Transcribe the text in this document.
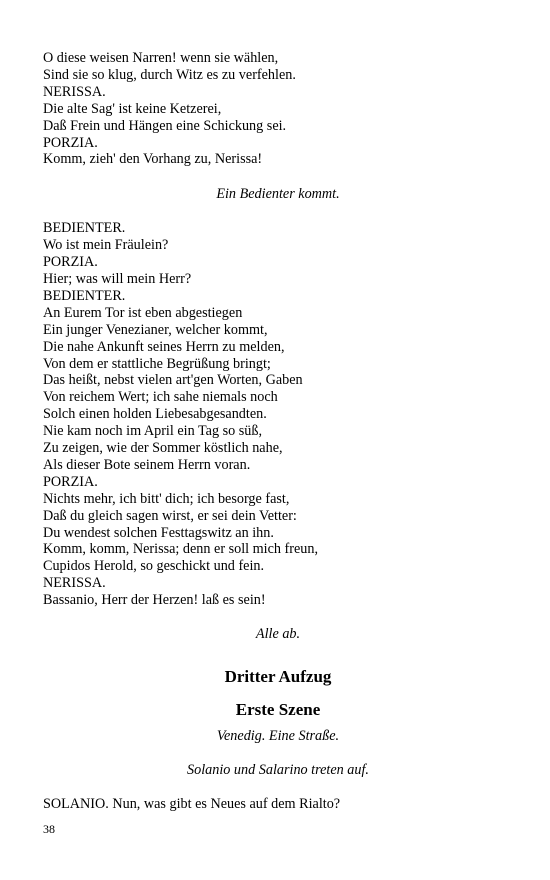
O diese weisen Narren! wenn sie wählen,
Sind sie so klug, durch Witz es zu verfehlen.
NERISSA.
Die alte Sag' ist keine Ketzerei,
Daß Frein und Hängen eine Schickung sei.
PORZIA.
Komm, zieh' den Vorhang zu, Nerissa!
Ein Bedienter kommt.
BEDIENTER.
Wo ist mein Fräulein?
PORZIA.
Hier; was will mein Herr?
BEDIENTER.
An Eurem Tor ist eben abgestiegen
Ein junger Venezianer, welcher kommt,
Die nahe Ankunft seines Herrn zu melden,
Von dem er stattliche Begrüßung bringt;
Das heißt, nebst vielen art'gen Worten, Gaben
Von reichem Wert; ich sahe niemals noch
Solch einen holden Liebesabgesandten.
Nie kam noch im April ein Tag so süß,
Zu zeigen, wie der Sommer köstlich nahe,
Als dieser Bote seinem Herrn voran.
PORZIA.
Nichts mehr, ich bitt' dich; ich besorge fast,
Daß du gleich sagen wirst, er sei dein Vetter:
Du wendest solchen Festtagswitz an ihn.
Komm, komm, Nerissa; denn er soll mich freun,
Cupidos Herold, so geschickt und fein.
NERISSA.
Bassanio, Herr der Herzen! laß es sein!
Alle ab.
Dritter Aufzug
Erste Szene
Venedig. Eine Straße.
Solanio und Salarino treten auf.
SOLANIO. Nun, was gibt es Neues auf dem Rialto?
38
